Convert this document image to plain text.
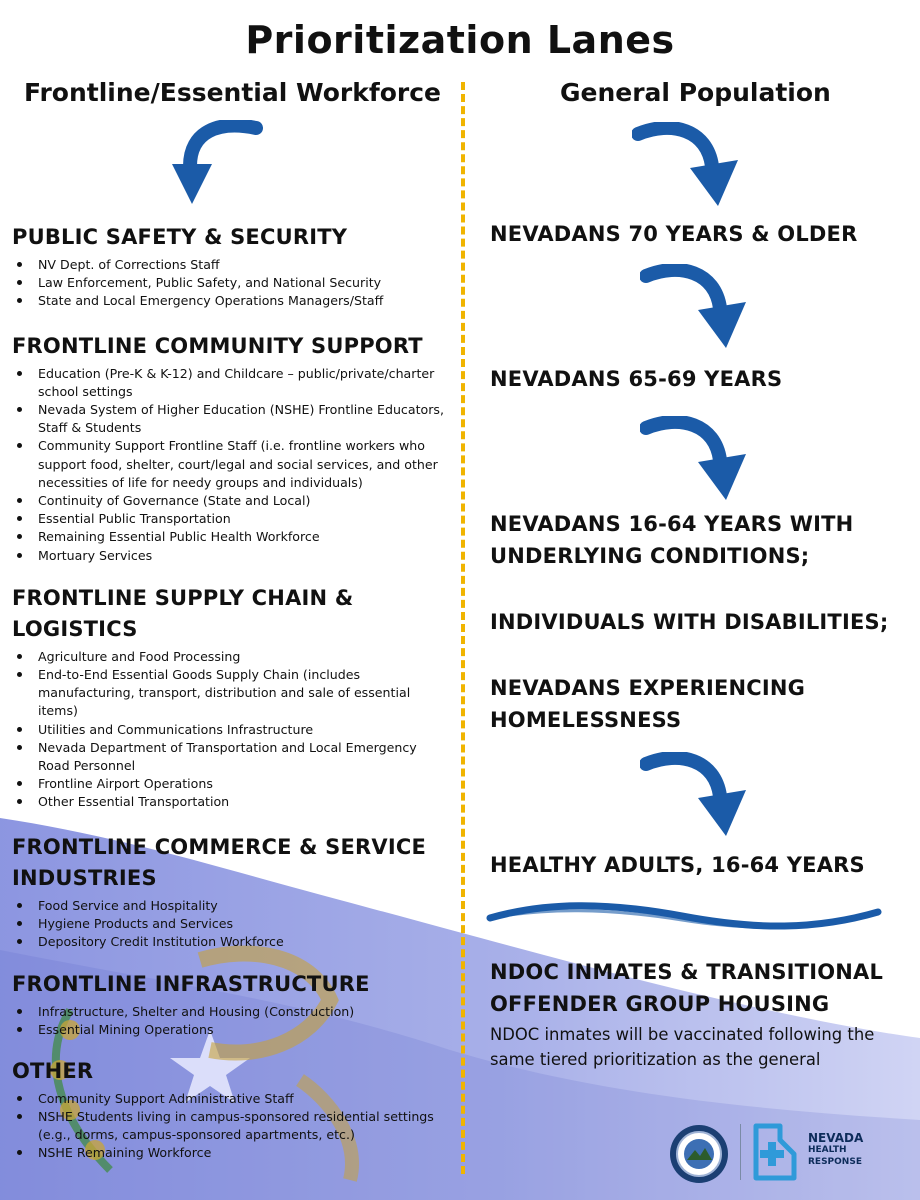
Prioritization Lanes
Frontline/Essential Workforce	General Population
PUBLIC SAFETY & SECURITY
NV Dept. of Corrections Staff
Law Enforcement, Public Safety, and National Security
State and Local Emergency Operations Managers/Staff
FRONTLINE COMMUNITY SUPPORT
Education (Pre-K & K-12) and Childcare – public/private/charter school settings
Nevada System of Higher Education (NSHE) Frontline Educators, Staff & Students
Community Support Frontline Staff (i.e. frontline workers who support food, shelter, court/legal and social services, and other necessities of life for needy groups and individuals)
Continuity of Governance (State and Local)
Essential Public Transportation
Remaining Essential Public Health Workforce
Mortuary Services
FRONTLINE SUPPLY CHAIN & LOGISTICS
Agriculture and Food Processing
End-to-End Essential Goods Supply Chain (includes manufacturing, transport, distribution and sale of essential items)
Utilities and Communications Infrastructure
Nevada Department of Transportation and Local Emergency Road Personnel
Frontline Airport Operations
Other Essential Transportation
FRONTLINE COMMERCE & SERVICE INDUSTRIES
Food Service and Hospitality
Hygiene Products and Services
Depository Credit Institution Workforce
FRONTLINE INFRASTRUCTURE
Infrastructure, Shelter and Housing (Construction)
Essential Mining Operations
OTHER
Community Support Administrative Staff
NSHE Students living in campus-sponsored residential settings (e.g., dorms, campus-sponsored apartments, etc.)
NSHE Remaining Workforce
NEVADANS 70 YEARS & OLDER
NEVADANS 65-69 YEARS
NEVADANS 16-64 YEARS WITH UNDERLYING CONDITIONS;
INDIVIDUALS WITH DISABILITIES;
NEVADANS EXPERIENCING HOMELESSNESS
HEALTHY ADULTS, 16-64 YEARS
NDOC INMATES & TRANSITIONAL OFFENDER GROUP HOUSING
NDOC inmates will be vaccinated following the same tiered prioritization as the general
NEVADA
HEALTH
RESPONSE
